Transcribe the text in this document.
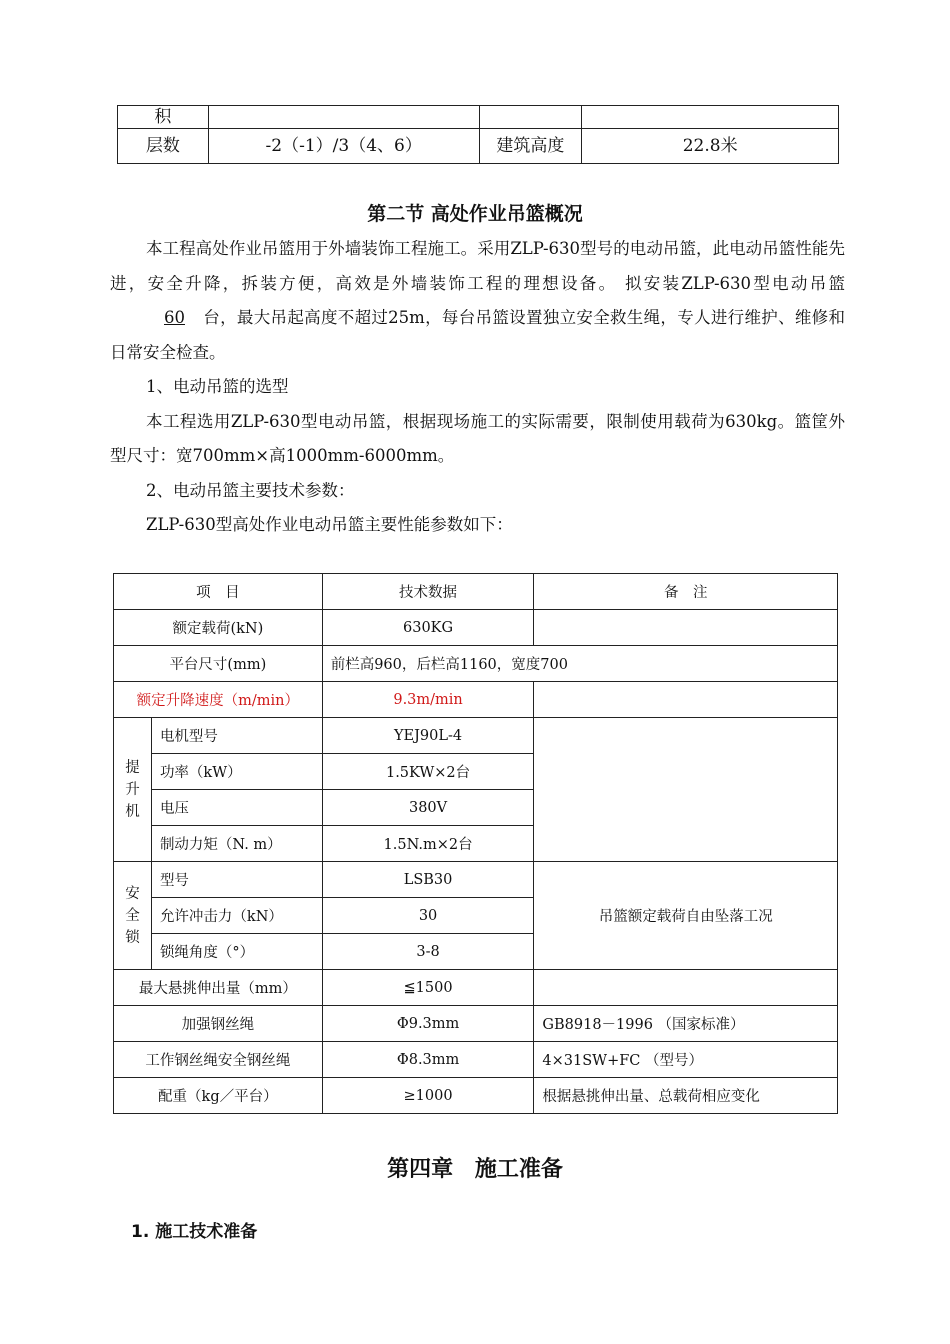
积			
层数	-2（-1）/3（4、6）	建筑高度	22.8米
第二节 高处作业吊篮概况

本工程高处作业吊篮用于外墙装饰工程施工。采用ZLP-630型号的电动吊篮，此电动吊篮性能先进，安全升降，拆装方便，高效是外墙装饰工程的理想设备。 拟安装ZLP-630型电动吊篮60 台，最大吊起高度不超过25m，每台吊篮设置独立安全救生绳，专人进行维护、维修和日常安全检查。

1、电动吊篮的选型

本工程选用ZLP-630型电动吊篮，根据现场施工的实际需要，限制使用载荷为630kg。篮筐外型尺寸：宽700mm×高1000mm-6000mm。

2、电动吊篮主要技术参数：

ZLP-630型高处作业电动吊篮主要性能参数如下：

项　目		技术数据	备　注
额定载荷(kN)		630KG	
平台尺寸(mm)		前栏高960，后栏高1160，宽度700	
额定升降速度（m/min）		9.3m/min	
提
升
机	电机型号	YEJ90L-4	
	功率（kW）	1.5KW×2台	
	电压	380V	
	制动力矩（N. m）	1.5N.m×2台	
安
全
锁	型号	LSB30	吊篮额定载荷自由坠落工况
	允许冲击力（kN）	30	
	锁绳角度（°）	3-8	
最大悬挑伸出量（mm）		≦1500	
加强钢丝绳		Φ9.3mm	GB8918－1996 （国家标准）
工作钢丝绳安全钢丝绳		Φ8.3mm	4×31SW+FC （型号）
配重（kg／平台）		≥1000	根据悬挑伸出量、总载荷相应变化
第四章 施工准备
1. 施工技术准备
